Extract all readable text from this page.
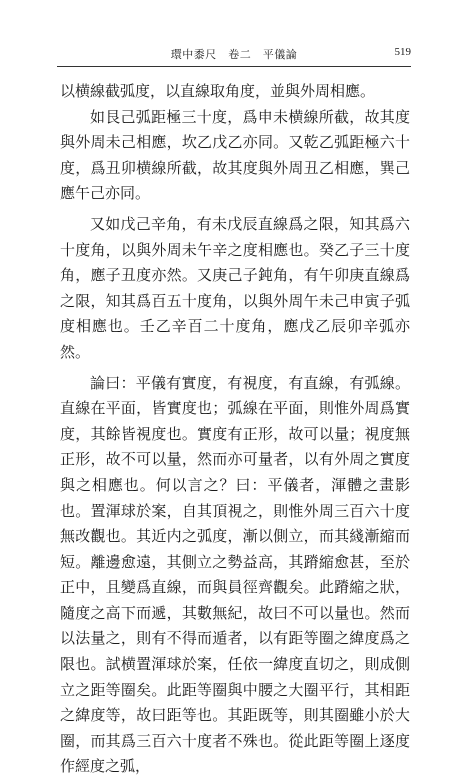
環中黍尺　卷二　平儀論	519

以横線截弧度，以直線取角度，並與外周相應。

如艮己弧距極三十度，爲申未横線所截，故其度與外周未己相應，坎乙戊乙亦同。又乾乙弧距極六十度，爲丑卯横線所截，故其度與外周丑乙相應，巽己應午己亦同。

又如戊己辛角，有未戊辰直線爲之限，知其爲六十度角，以與外周未午辛之度相應也。癸乙子三十度角，應子丑度亦然。又庚己子鈍角，有午卯庚直線爲之限，知其爲百五十度角，以與外周午未己申寅子弧度相應也。壬乙辛百二十度角，應戊乙辰卯辛弧亦然。

論曰：平儀有實度，有視度，有直線，有弧線。直線在平面，皆實度也；弧線在平面，則惟外周爲實度，其餘皆視度也。實度有正形，故可以量；視度無正形，故不可以量，然而亦可量者，以有外周之實度與之相應也。何以言之？曰：平儀者，渾體之畫影也。置渾球於案，自其頂視之，則惟外周三百六十度無改觀也。其近内之弧度，漸以側立，而其綫漸縮而短。離邊愈遠，其側立之勢益高，其蹐縮愈甚，至於正中，且變爲直線，而與員徑齊觀矣。此蹐縮之狀，隨度之高下而遞，其數無紀，故曰不可以量也。然而以法量之，則有不得而遁者，以有距等圈之緯度爲之限也。試横置渾球於案，任依一緯度直切之，則成側立之距等圈矣。此距等圈與中腰之大圈平行，其相距之緯度等，故曰距等也。其距既等，則其圈雖小於大圈，而其爲三百六十度者不殊也。從此距等圈上逐度作經度之弧，
